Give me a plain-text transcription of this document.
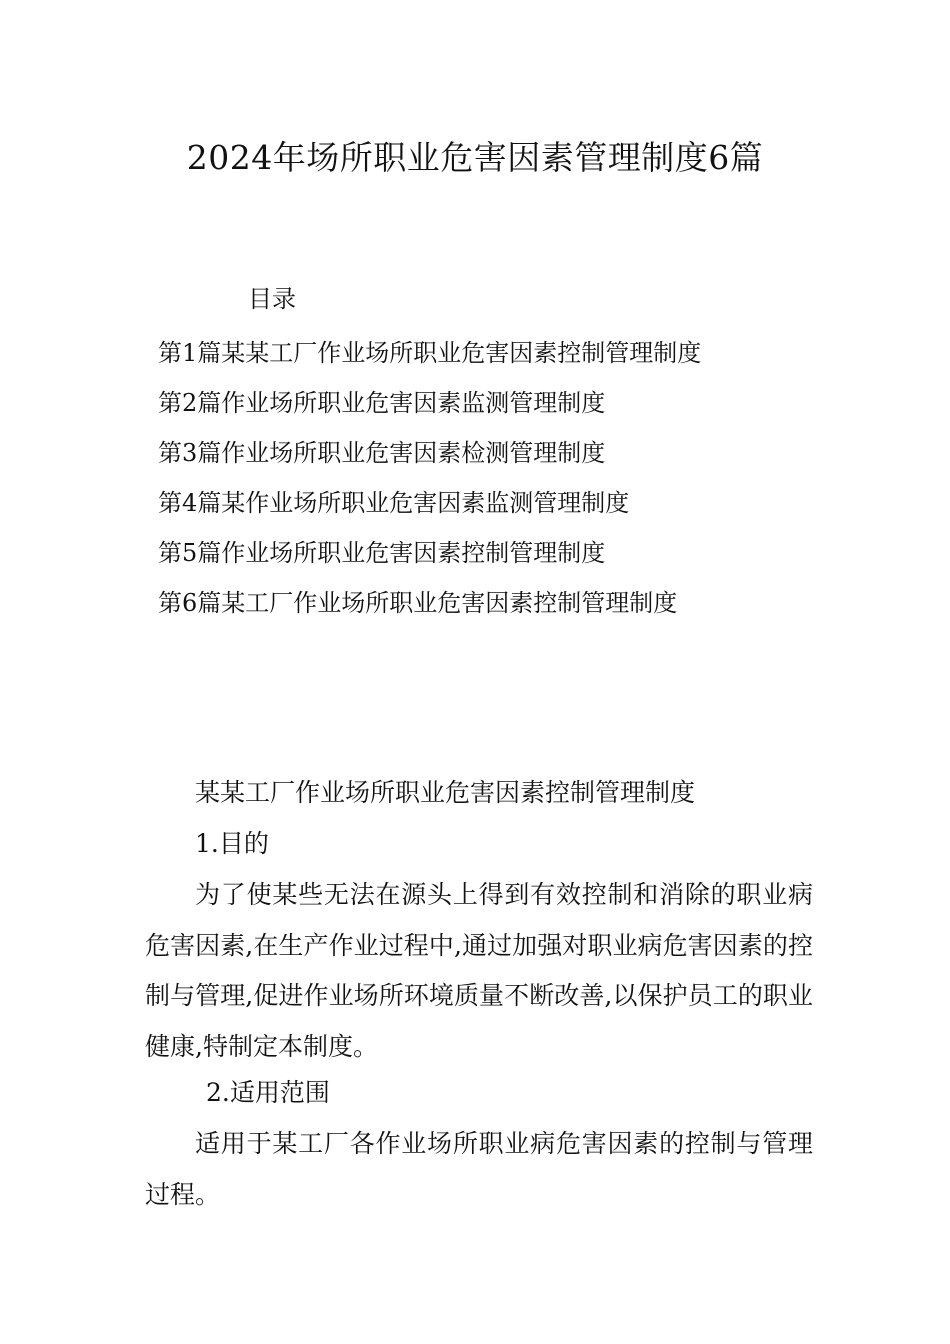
2024年场所职业危害因素管理制度6篇
目录
第1篇某某工厂作业场所职业危害因素控制管理制度
第2篇作业场所职业危害因素监测管理制度
第3篇作业场所职业危害因素检测管理制度
第4篇某作业场所职业危害因素监测管理制度
第5篇作业场所职业危害因素控制管理制度
第6篇某工厂作业场所职业危害因素控制管理制度
某某工厂作业场所职业危害因素控制管理制度
1.目的

为了使某些无法在源头上得到有效控制和消除的职业病危害因素,在生产作业过程中,通过加强对职业病危害因素的控制与管理,促进作业场所环境质量不断改善,以保护员工的职业健康,特制定本制度。

2.适用范围

适用于某工厂各作业场所职业病危害因素的控制与管理过程。
